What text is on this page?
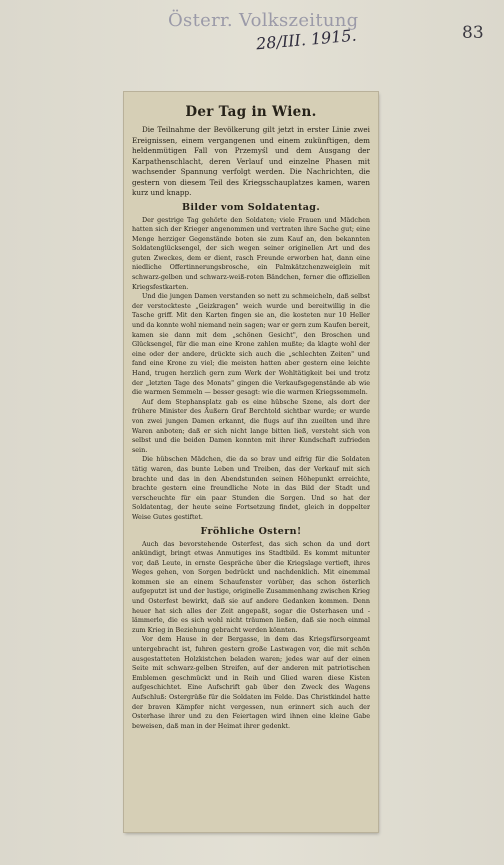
Österr. Volkszeitung
28/III. 1915.	83
Der Tag in Wien.

Die Teilnahme der Bevölkerung gilt jetzt in erster Linie zwei Ereignissen, einem vergangenen und einem zukünftigen, dem heldenmütigen Fall von Przemyśl und dem Ausgang der Karpathenschlacht, deren Verlauf und einzelne Phasen mit wachsender Spannung verfolgt werden. Die Nachrichten, die gestern von diesem Teil des Kriegsschauplatzes kamen, waren kurz und knapp.

Bilder vom Soldatentag.

Der gestrige Tag gehörte den Soldaten; viele Frauen und Mädchen hatten sich der Krieger angenommen und vertraten ihre Sache gut; eine Menge herziger Gegenstände boten sie zum Kauf an, den bekannten Soldatenglücksengel, der sich wegen seiner originellen Art und des guten Zweckes, dem er dient, rasch Freunde erworben hat, dann eine niedliche Offertinnerungsbrosche, ein Palmkätzchenzweiglein mit schwarz-gelben und schwarz-weiß-roten Bändchen, ferner die offiziellen Kriegsfestkarten.

Und die jungen Damen verstanden so nett zu schmeicheln, daß selbst der verstockteste „Geizkragen" weich wurde und bereitwillig in die Tasche griff. Mit den Karten fingen sie an, die kosteten nur 10 Heller und da konnte wohl niemand nein sagen; war er gern zum Kaufen bereit, kamen sie dann mit dem „schönen Gesicht", den Broschen und Glücksengel, für die man eine Krone zahlen mußte; da klagte wohl der eine oder der andere, drückte sich auch die „schlechten Zeiten" und fand eine Krone zu viel; die meisten hatten aber gestern eine leichte Hand, trugen herzlich gern zum Werk der Wohltätigkeit bei und trotz der „letzten Tage des Monats" gingen die Verkaufsgegenstände ab wie die warmen Semmeln — besser gesagt: wie die warmen Kriegssemmeln.

Auf dem Stephansplatz gab es eine hübsche Szene, als dort der frühere Minister des Äußern Graf Berchtold sichtbar wurde; er wurde von zwei jungen Damen erkannt, die flugs auf ihn zueilten und ihre Waren anboten; daß er sich nicht lange bitten ließ, versteht sich von selbst und die beiden Damen konnten mit ihrer Kundschaft zufrieden sein.

Die hübschen Mädchen, die da so brav und eifrig für die Soldaten tätig waren, das bunte Leben und Treiben, das der Verkauf mit sich brachte und das in den Abendstunden seinen Höhepunkt erreichte, brachte gestern eine freundliche Note in das Bild der Stadt und verscheuchte für ein paar Stunden die Sorgen. Und so hat der Soldatentag, der heute seine Fortsetzung findet, gleich in doppelter Weise Gutes gestiftet.

Fröhliche Ostern!

Auch das bevorstehende Osterfest, das sich schon da und dort ankündigt, bringt etwas Anmutiges ins Stadtbild. Es kommt mitunter vor, daß Leute, in ernste Gespräche über die Kriegslage vertieft, ihres Weges gehen, von Sorgen bedrückt und nachdenklich. Mit einemmal kommen sie an einem Schaufenster vorüber, das schon österlich aufgeputzt ist und der lustige, originelle Zusammenhang zwischen Krieg und Osterfest bewirkt, daß sie auf andere Gedanken kommen. Denn heuer hat sich alles der Zeit angepaßt, sogar die Osterhasen und -lämmerle, die es sich wohl nicht träumen ließen, daß sie noch einmal zum Krieg in Beziehung gebracht werden könnten.

Vor dem Hause in der Bergasse, in dem das Kriegsfürsorgeamt untergebracht ist, fuhren gestern große Lastwagen vor, die mit schön ausgestatteten Holzkistchen beladen waren; jedes war auf der einen Seite mit schwarz-gelben Streifen, auf der anderen mit patriotischen Emblemen geschmückt und in Reih und Glied waren diese Kisten aufgeschichtet. Eine Aufschrift gab über den Zweck des Wagens Aufschluß: Ostergrüße für die Soldaten im Felde. Das Christkindel hatte der braven Kämpfer nicht vergessen, nun erinnert sich auch der Osterhase ihrer und zu den Feiertagen wird ihnen eine kleine Gabe beweisen, daß man in der Heimat ihrer gedenkt.
